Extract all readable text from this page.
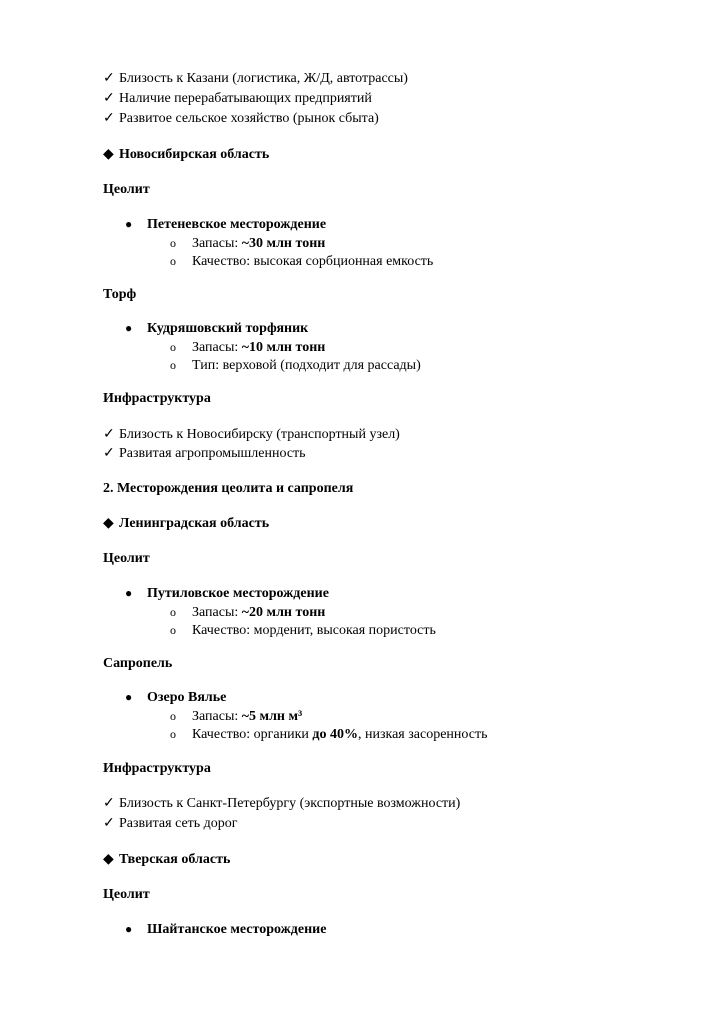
✓ Близость к Казани (логистика, Ж/Д, автотрассы)
✓ Наличие перерабатывающих предприятий
✓ Развитое сельское хозяйство (рынок сбыта)
◆ Новосибирская область
Цеолит
● Петеневское месторождение
o Запасы: ~30 млн тонн
o Качество: высокая сорбционная емкость
Торф
● Кудряшовский торфяник
o Запасы: ~10 млн тонн
o Тип: верховой (подходит для рассады)
Инфраструктура
✓ Близость к Новосибирску (транспортный узел)
✓ Развитая агропромышленность
2. Месторождения цеолита и сапропеля
◆ Ленинградская область
Цеолит
● Путиловское месторождение
o Запасы: ~20 млн тонн
o Качество: морденит, высокая пористость
Сапропель
● Озеро Вялье
o Запасы: ~5 млн м³
o Качество: органики до 40%, низкая засоренность
Инфраструктура
✓ Близость к Санкт-Петербургу (экспортные возможности)
✓ Развитая сеть дорог
◆ Тверская область
Цеолит
● Шайтанское месторождение
